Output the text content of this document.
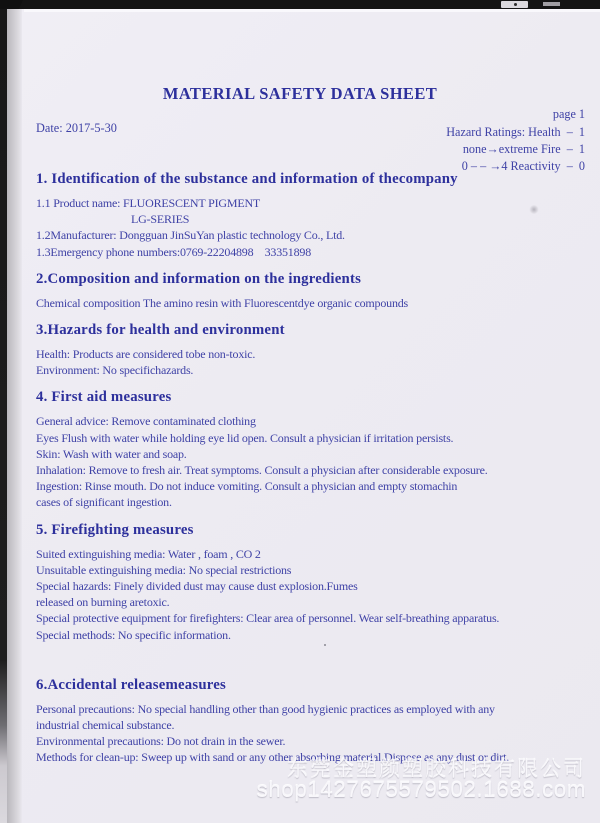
MATERIAL SAFETY DATA SHEET
Date: 2017-5-30
page 1
Hazard Ratings: Health  –  1
none→extreme Fire  –  1
0 – – →4 Reactivity  –  0
1. Identification of the substance and information of thecompany
1.1 Product name: FLUORESCENT PIGMENT
LG-SERIES
1.2Manufacturer: Dongguan JinSuYan plastic technology Co., Ltd.
1.3Emergency phone numbers:0769-22204898    33351898
2.Composition and information on the ingredients
Chemical composition The amino resin with Fluorescentdye organic compounds
3.Hazards for health and environment
Health: Products are considered tobe non-toxic.
Environment: No specifichazards.
4. First aid measures
General advice: Remove contaminated clothing
Eyes Flush with water while holding eye lid open. Consult a physician if irritation persists.
Skin: Wash with water and soap.
Inhalation: Remove to fresh air. Treat symptoms. Consult a physician after considerable exposure.
Ingestion: Rinse mouth. Do not induce vomiting. Consult a physician and empty stomachin
cases of significant ingestion.
5. Firefighting measures
Suited extinguishing media: Water , foam , CO 2
Unsuitable extinguishing media: No special restrictions
Special hazards: Finely divided dust may cause dust explosion.Fumes
released on burning aretoxic.
Special protective equipment for firefighters: Clear area of personnel. Wear self-breathing apparatus.
Special methods: No specific information.
6.Accidental releasemeasures
Personal precautions: No special handling other than good hygienic practices as employed with any
industrial chemical substance.
Environmental precautions: Do not drain in the sewer.
Methods for clean-up: Sweep up with sand or any other absorbing material.Dispose as any dust or dirt.
东莞金塑颜塑胶科技有限公司
shop1427675579502.1688.com
